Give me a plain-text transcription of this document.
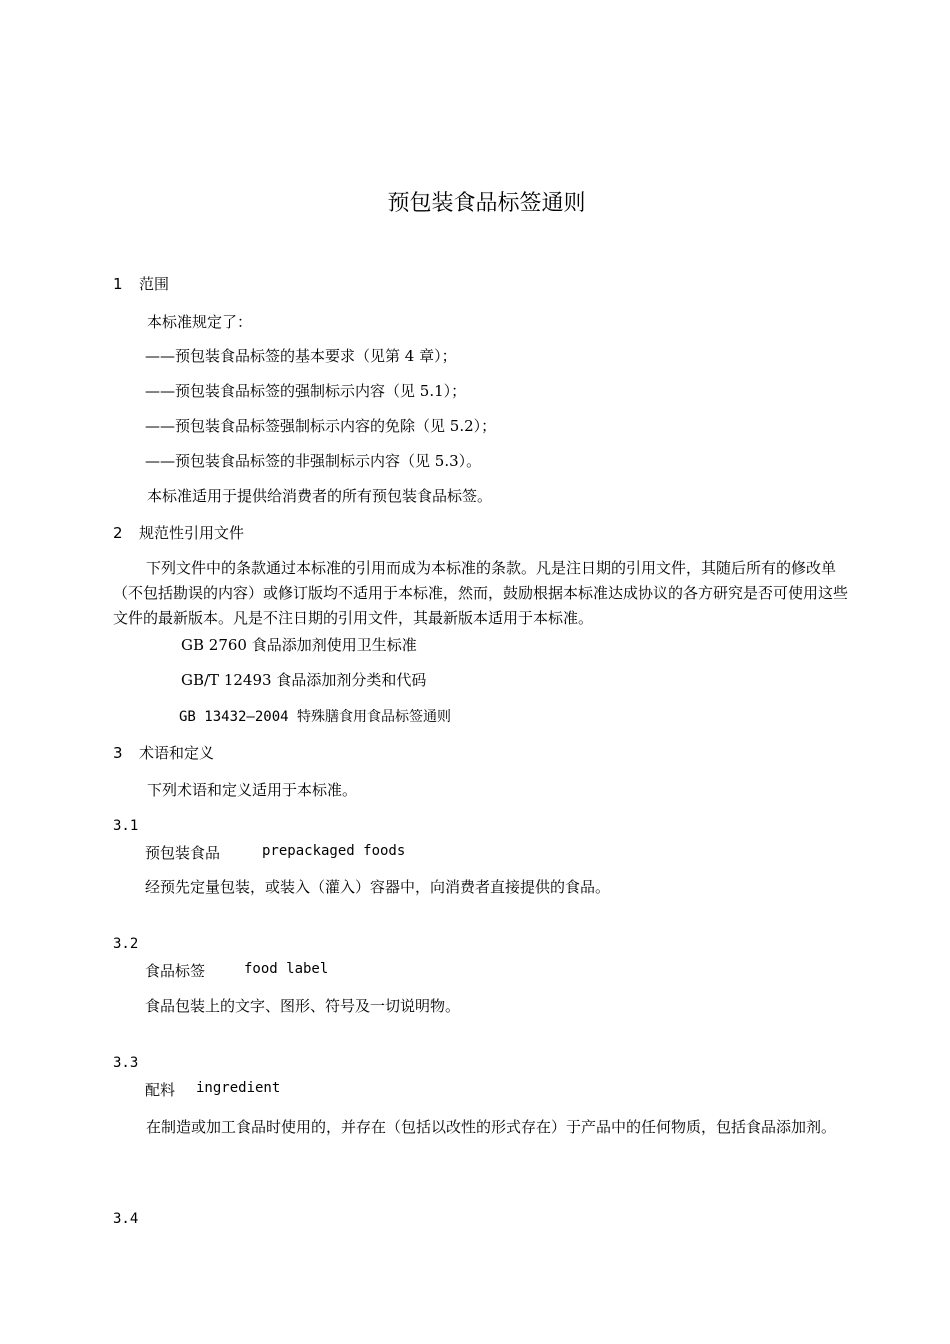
预包装食品标签通则
1 范围
本标准规定了：
——预包装食品标签的基本要求（见第 4 章）；
——预包装食品标签的强制标示内容（见 5.1）；
——预包装食品标签强制标示内容的免除（见 5.2）；
——预包装食品标签的非强制标示内容（见 5.3）。
本标准适用于提供给消费者的所有预包装食品标签。
2 规范性引用文件
下列文件中的条款通过本标准的引用而成为本标准的条款。凡是注日期的引用文件，其随后所有的修改单（不包括勘误的内容）或修订版均不适用于本标准，然而，鼓励根据本标准达成协议的各方研究是否可使用这些文件的最新版本。凡是不注日期的引用文件，其最新版本适用于本标准。
GB 2760 食品添加剂使用卫生标准
GB/T 12493 食品添加剂分类和代码
GB 13432—2004 特殊膳食用食品标签通则
3 术语和定义
下列术语和定义适用于本标准。
3.1
预包装食品	prepackaged foods
经预先定量包装，或装入（灌入）容器中，向消费者直接提供的食品。
3.2
食品标签	food label
食品包装上的文字、图形、符号及一切说明物。
3.3
配料 ingredient
在制造或加工食品时使用的，并存在（包括以改性的形式存在）于产品中的任何物质，包括食品添加剂。
3.4
